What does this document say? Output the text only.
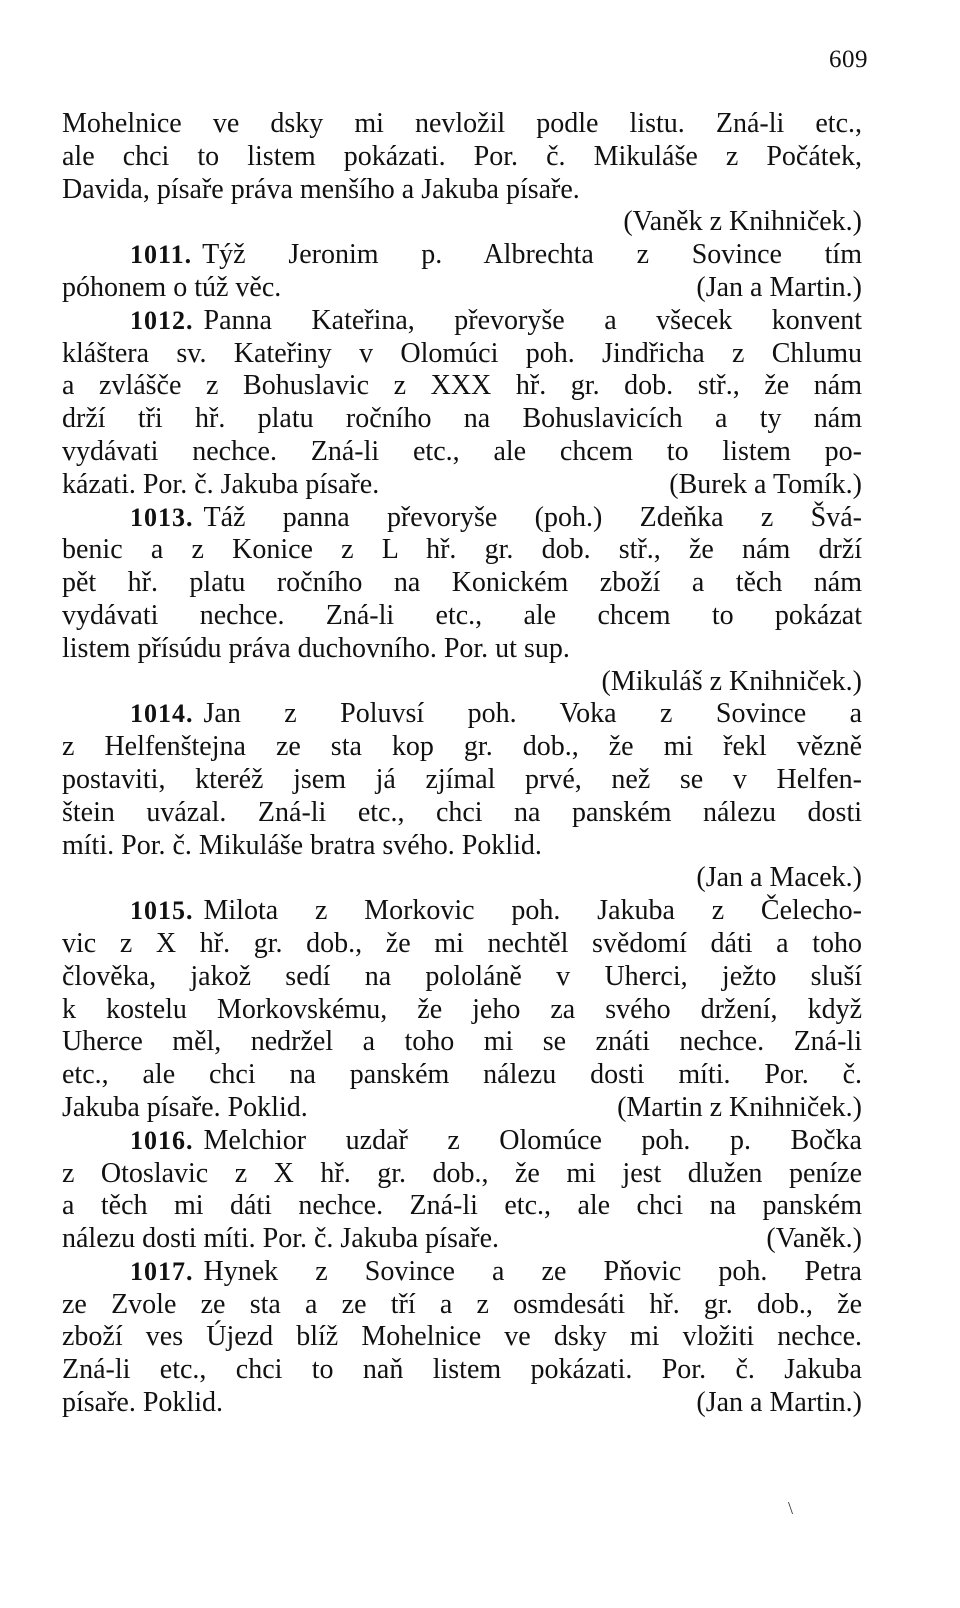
609
Mohelnice ve dsky mi nevložil podle listu. Zná-li etc.,
ale chci to listem pokázati. Por. č. Mikuláše z Počátek,
Davida, písaře práva menšího a Jakuba písaře.
(Vaněk z Knihniček.)
1011. Týž Jeronim p. Albrechta z Sovince tím
póhonem o túž věc.	(Jan a Martin.)
1012. Panna Kateřina, převoryše a všecek konvent
kláštera sv. Kateřiny v Olomúci poh. Jindřicha z Chlumu
a zvlášče z Bohuslavic z XXX hř. gr. dob. stř., že nám
drží tři hř. platu ročního na Bohuslavicích a ty nám
vydávati nechce. Zná-li etc., ale chcem to listem po-
kázati. Por. č. Jakuba písaře.	(Burek a Tomík.)
1013. Táž panna převoryše (poh.) Zdeňka z Švá-
benic a z Konice z L hř. gr. dob. stř., že nám drží
pět hř. platu ročního na Konickém zboží a těch nám
vydávati nechce. Zná-li etc., ale chcem to pokázat
listem přísúdu práva duchovního. Por. ut sup.
(Mikuláš z Knihniček.)
1014. Jan z Poluvsí poh. Voka z Sovince a
z Helfenštejna ze sta kop gr. dob., že mi řekl vězně
postaviti, kteréž jsem já zjímal prvé, než se v Helfen-
štein uvázal. Zná-li etc., chci na panském nálezu dosti
míti. Por. č. Mikuláše bratra svého. Poklid.
(Jan a Macek.)
1015. Milota z Morkovic poh. Jakuba z Čelecho-
vic z X hř. gr. dob., že mi nechtěl svědomí dáti a toho
člověka, jakož sedí na pololáně v Uherci, ježto sluší
k kostelu Morkovskému, že jeho za svého držení, když
Uherce měl, nedržel a toho mi se znáti nechce. Zná-li
etc., ale chci na panském nálezu dosti míti. Por. č.
Jakuba písaře. Poklid.	(Martin z Knihniček.)
1016. Melchior uzdař z Olomúce poh. p. Bočka
z Otoslavic z X hř. gr. dob., že mi jest dlužen peníze
a těch mi dáti nechce. Zná-li etc., ale chci na panském
nálezu dosti míti. Por. č. Jakuba písaře.	(Vaněk.)
1017. Hynek z Sovince a ze Pňovic poh. Petra
ze Zvole ze sta a ze tří a z osmdesáti hř. gr. dob., že
zboží ves Újezd blíž Mohelnice ve dsky mi vložiti nechce.
Zná-li etc., chci to naň listem pokázati. Por. č. Jakuba
písaře. Poklid.	(Jan a Martin.)
\
